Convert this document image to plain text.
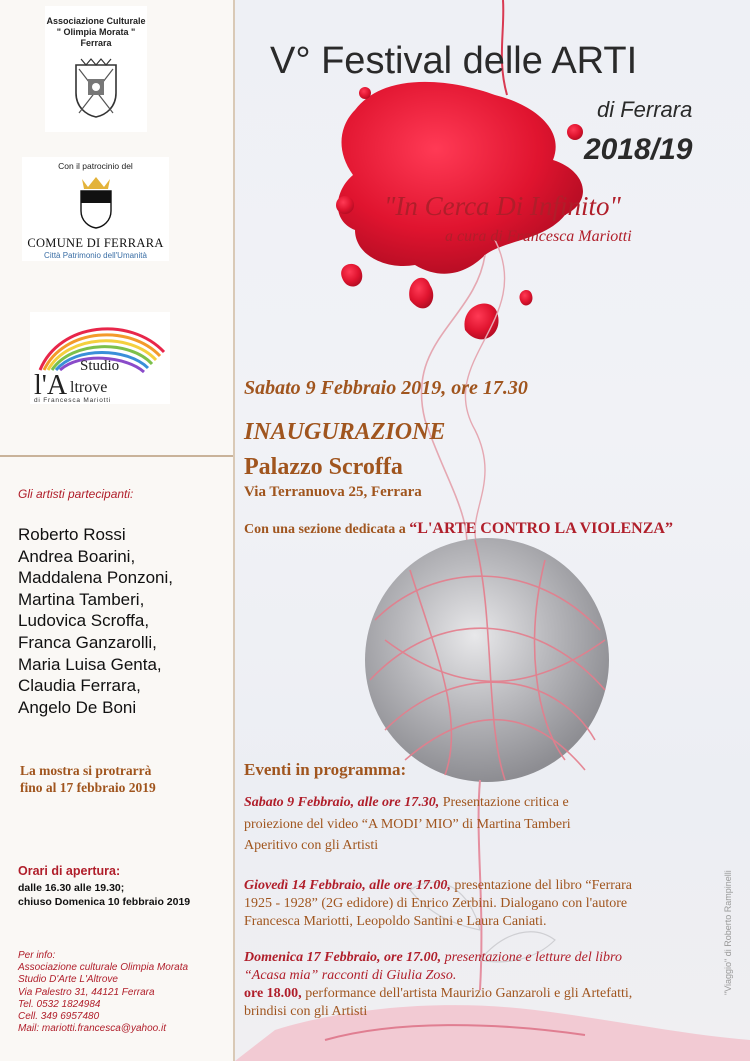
Associazione Culturale
" Olimpia Morata "
Ferrara
Con il patrocinio del
COMUNE DI FERRARA
Città Patrimonio dell'Umanità
Studio
l'A ltrove
di Francesca Mariotti
Gli artisti partecipanti:
Roberto Rossi
Andrea Boarini,
Maddalena Ponzoni,
Martina Tamberi,
Ludovica Scroffa,
Franca Ganzarolli,
Maria Luisa Genta,
Claudia Ferrara,
Angelo De Boni
La mostra si protrarrà
fino al 17 febbraio 2019
Orari di apertura:
dalle 16.30 alle 19.30;
chiuso Domenica 10 febbraio 2019
Per info:
Associazione culturale Olimpia Morata
Studio D'Arte L'Altrove
Via Palestro 31, 44121 Ferrara
Tel. 0532 1824984
Cell. 349 6957480
Mail: mariotti.francesca@yahoo.it
V° Festival delle ARTI
di Ferrara
2018/19
"In Cerca Di Infinito"
a cura di Francesca Mariotti
Sabato 9 Febbraio 2019, ore 17.30
INAUGURAZIONE
Palazzo Scroffa
Via Terranuova 25, Ferrara
Con una sezione dedicata a “L'ARTE CONTRO LA VIOLENZA”
Eventi in programma:
Sabato 9 Febbraio, alle ore 17.30, Presentazione critica e
proiezione del video “A MODI’ MIO” di Martina Tamberi
Aperitivo con gli Artisti
Giovedì 14 Febbraio, alle ore 17.00, presentazione del libro “Ferrara
1925 - 1928” (2G edidore) di Enrico Zerbini. Dialogano con l'autore
Francesca Mariotti, Leopoldo Santini e Laura Caniati.
Domenica 17 Febbraio, ore 17.00, presentazione e letture del libro
“Acasa mia” racconti di Giulia Zoso.
ore 18.00, performance dell'artista Maurizio Ganzaroli e gli Artefatti,
brindisi con gli Artisti
"Viaggio" di Roberto Rampinelli
